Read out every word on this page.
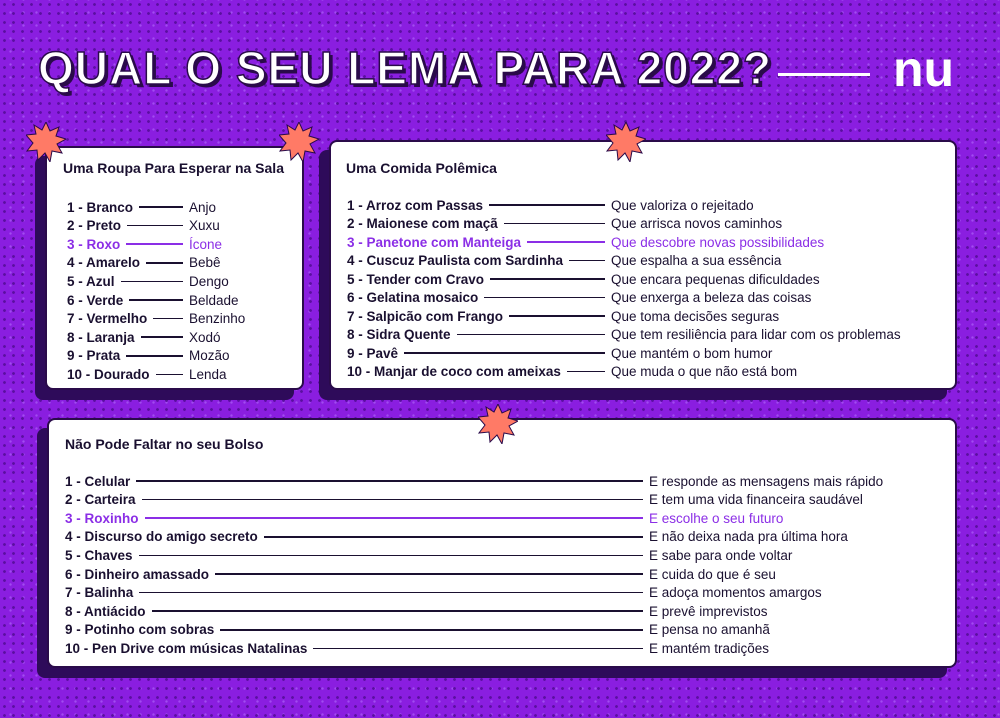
QUAL O SEU LEMA PARA 2022? nu
Uma Roupa Para Esperar na Sala
1 - Branco	Anjo
2 - Preto	Xuxu
3 - Roxo	Ícone
4 - Amarelo	Bebê
5 - Azul	Dengo
6 - Verde	Beldade
7 - Vermelho	Benzinho
8 - Laranja	Xodó
9 - Prata	Mozão
10 - Dourado	Lenda
Uma Comida Polêmica
1 - Arroz com Passas	Que valoriza o rejeitado
2 - Maionese com maçã	Que arrisca novos caminhos
3 - Panetone com Manteiga	Que descobre novas possibilidades
4 - Cuscuz Paulista com Sardinha	Que espalha a sua essência
5 - Tender com Cravo	Que encara pequenas dificuldades
6 - Gelatina mosaico	Que enxerga a beleza das coisas
7 - Salpicão com Frango	Que toma decisões seguras
8 - Sidra Quente	Que tem resiliência para lidar com os problemas
9 - Pavê	Que mantém o bom humor
10 - Manjar de coco com ameixas	Que muda o que não está bom
Não Pode Faltar no seu Bolso
1 - Celular	E responde as mensagens mais rápido
2 - Carteira	E tem uma vida financeira saudável
3 - Roxinho	E escolhe o seu futuro
4 - Discurso do amigo secreto	E não deixa nada pra última hora
5 - Chaves	E sabe para onde voltar
6 - Dinheiro amassado	E cuida do que é seu
7 - Balinha	E adoça momentos amargos
8 - Antiácido	E prevê imprevistos
9 - Potinho com sobras	E pensa no amanhã
10 - Pen Drive com músicas Natalinas	E mantém tradições
